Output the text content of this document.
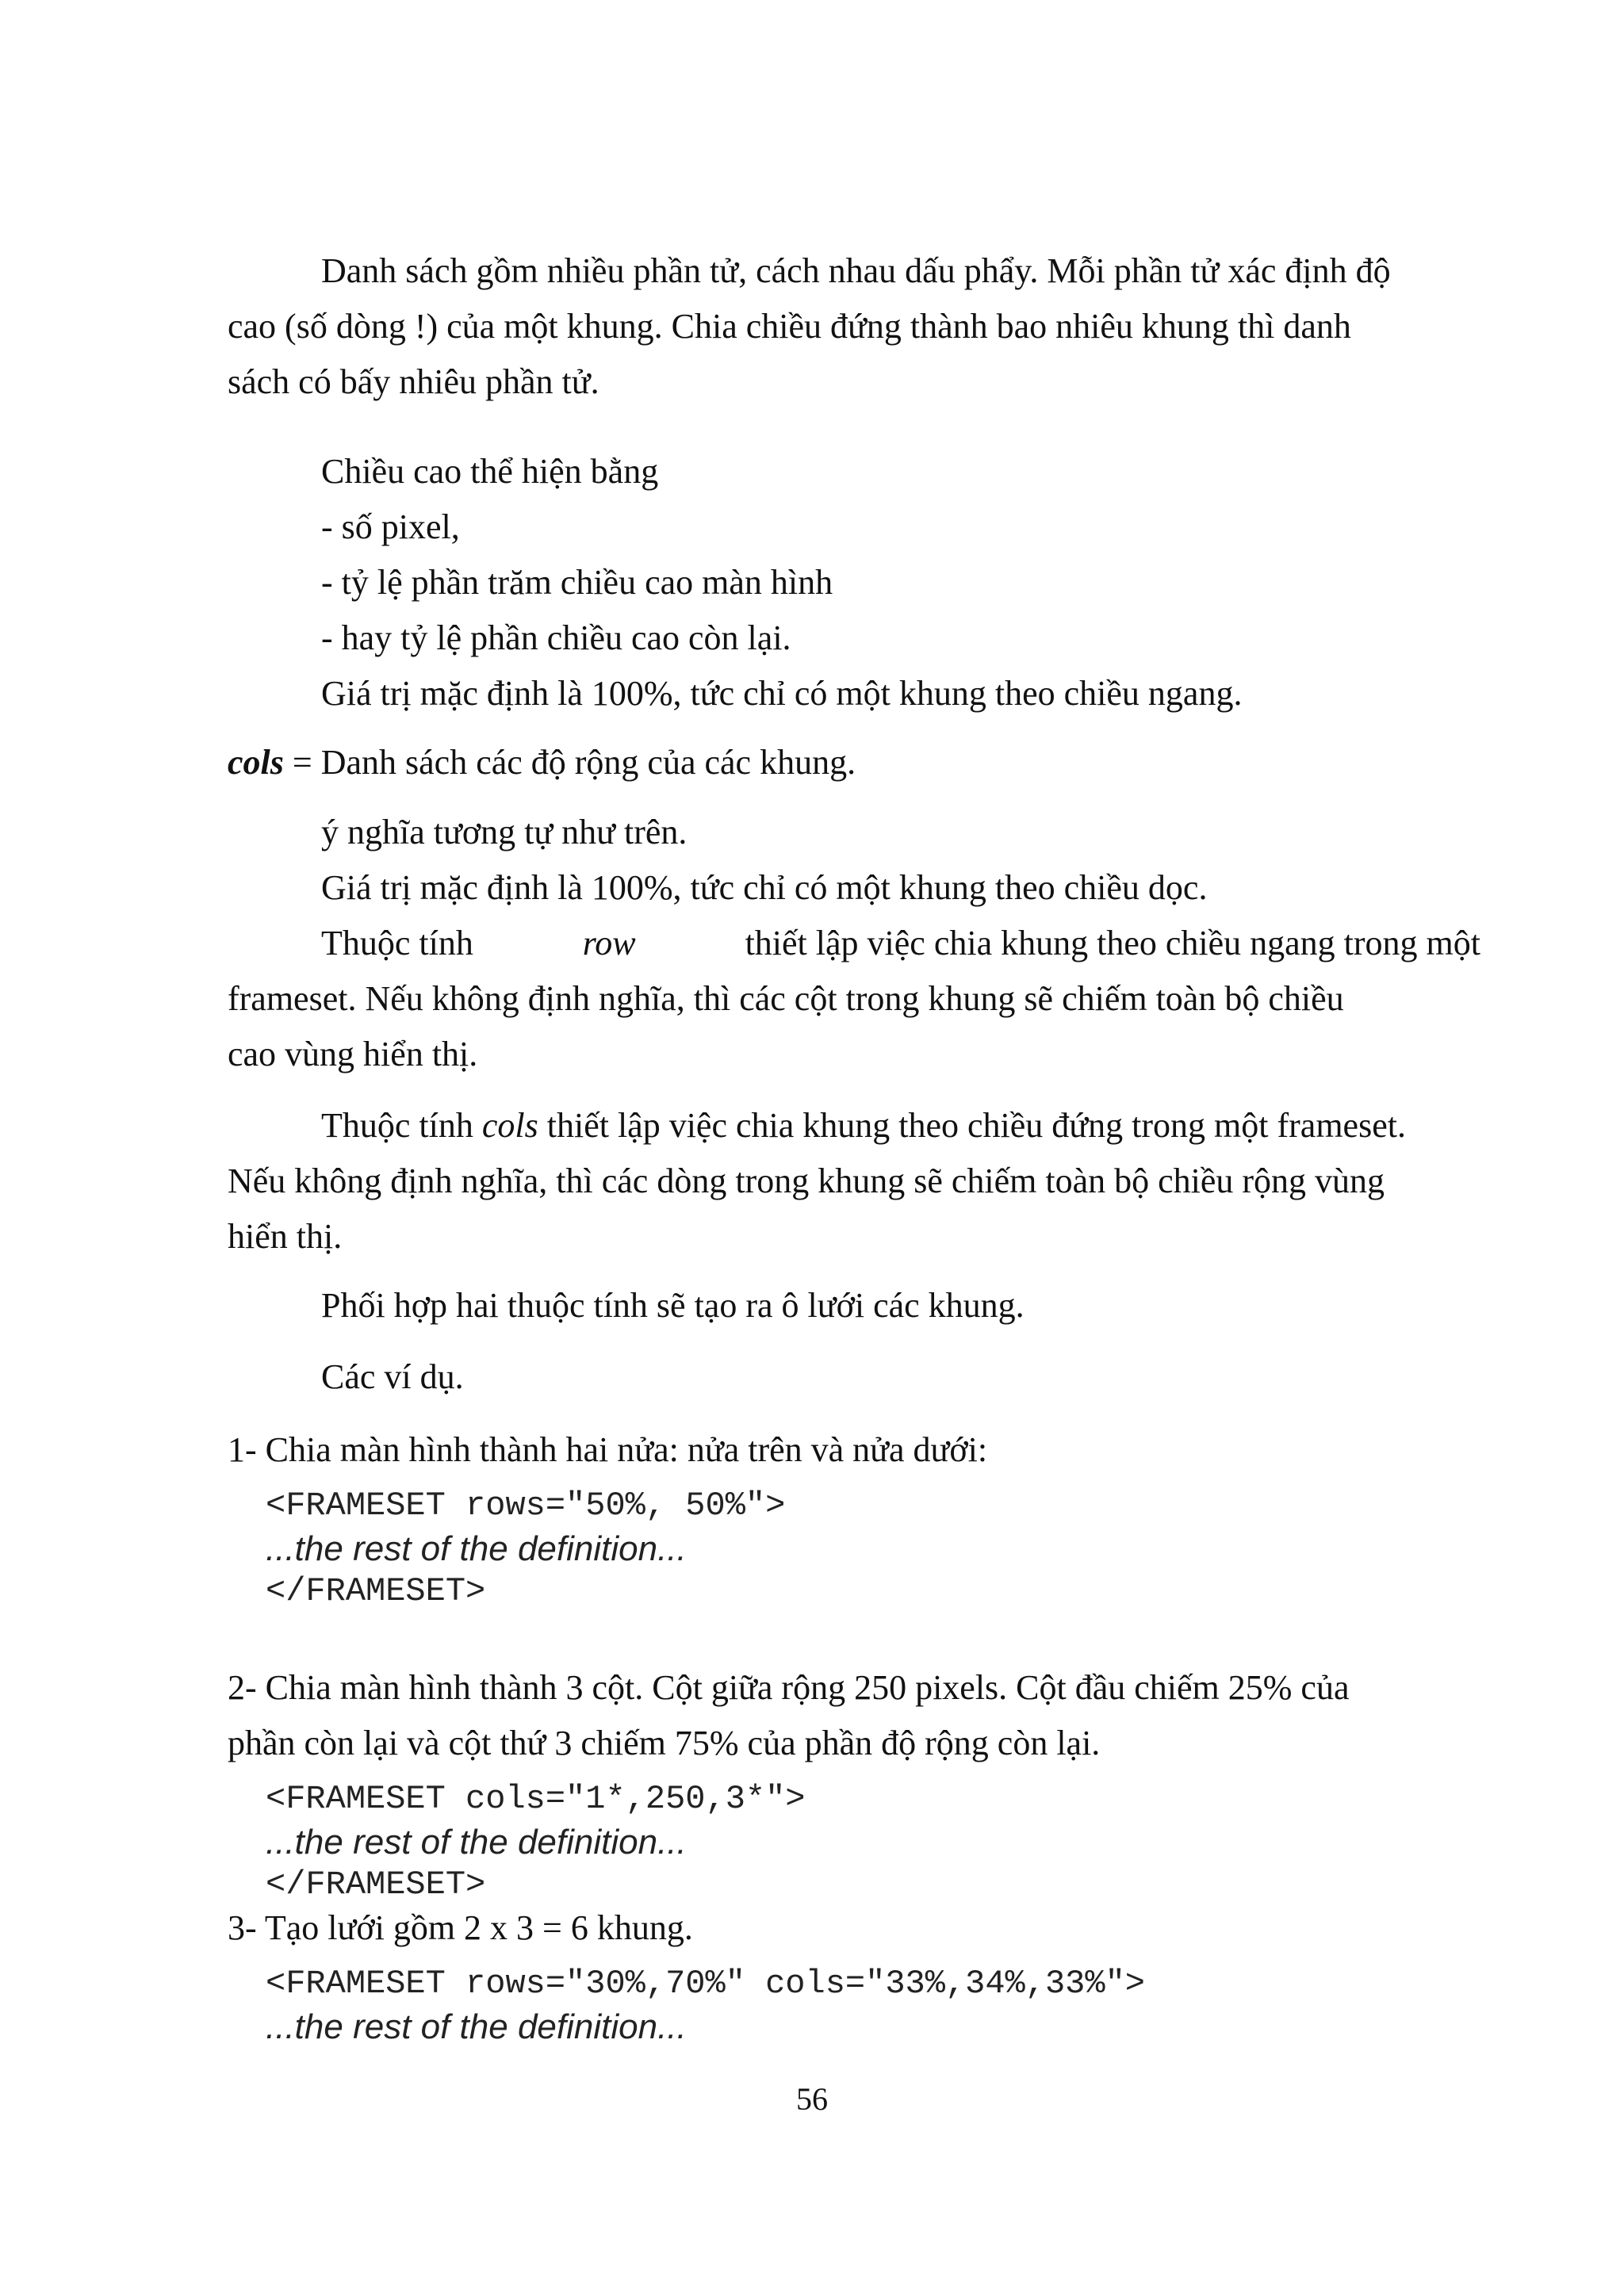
Danh sách gồm nhiều phần tử, cách nhau dấu phẩy. Mỗi phần tử xác định độ
cao (số dòng !) của một khung. Chia chiều đứng thành bao nhiêu khung thì danh
sách có bấy nhiêu phần tử.
Chiều cao thể hiện bằng
- số pixel,
- tỷ lệ phần trăm chiều cao màn hình
- hay tỷ lệ phần chiều cao còn lại.
Giá trị mặc định là 100%, tức chỉ có một khung theo chiều ngang.
cols = Danh sách các độ rộng của các khung.
ý nghĩa tương tự như trên.
Giá trị mặc định là 100%, tức chỉ có một khung theo chiều dọc.
Thuộc tính	row	thiết lập việc chia khung theo chiều ngang trong một
frameset. Nếu không định nghĩa, thì các cột trong khung sẽ chiếm toàn bộ chiều
cao vùng hiển thị.
Thuộc tính cols thiết lập việc chia khung theo chiều đứng trong một frameset.
Nếu không định nghĩa, thì các dòng trong khung sẽ chiếm toàn bộ chiều rộng vùng
hiển thị.
Phối hợp hai thuộc tính sẽ tạo ra ô lưới các khung.
Các ví dụ.
1- Chia màn hình thành hai nửa: nửa trên và nửa dưới:
<FRAMESET rows="50%, 50%">
...the rest of the definition...
</FRAMESET>
2- Chia màn hình thành 3 cột. Cột giữa rộng 250 pixels. Cột đầu chiếm 25% của
phần còn lại và cột thứ 3 chiếm 75% của phần độ rộng còn lại.
<FRAMESET cols="1*,250,3*">
...the rest of the definition...
</FRAMESET>
3- Tạo lưới gồm 2 x 3 = 6 khung.
<FRAMESET rows="30%,70%" cols="33%,34%,33%">
...the rest of the definition...
56
